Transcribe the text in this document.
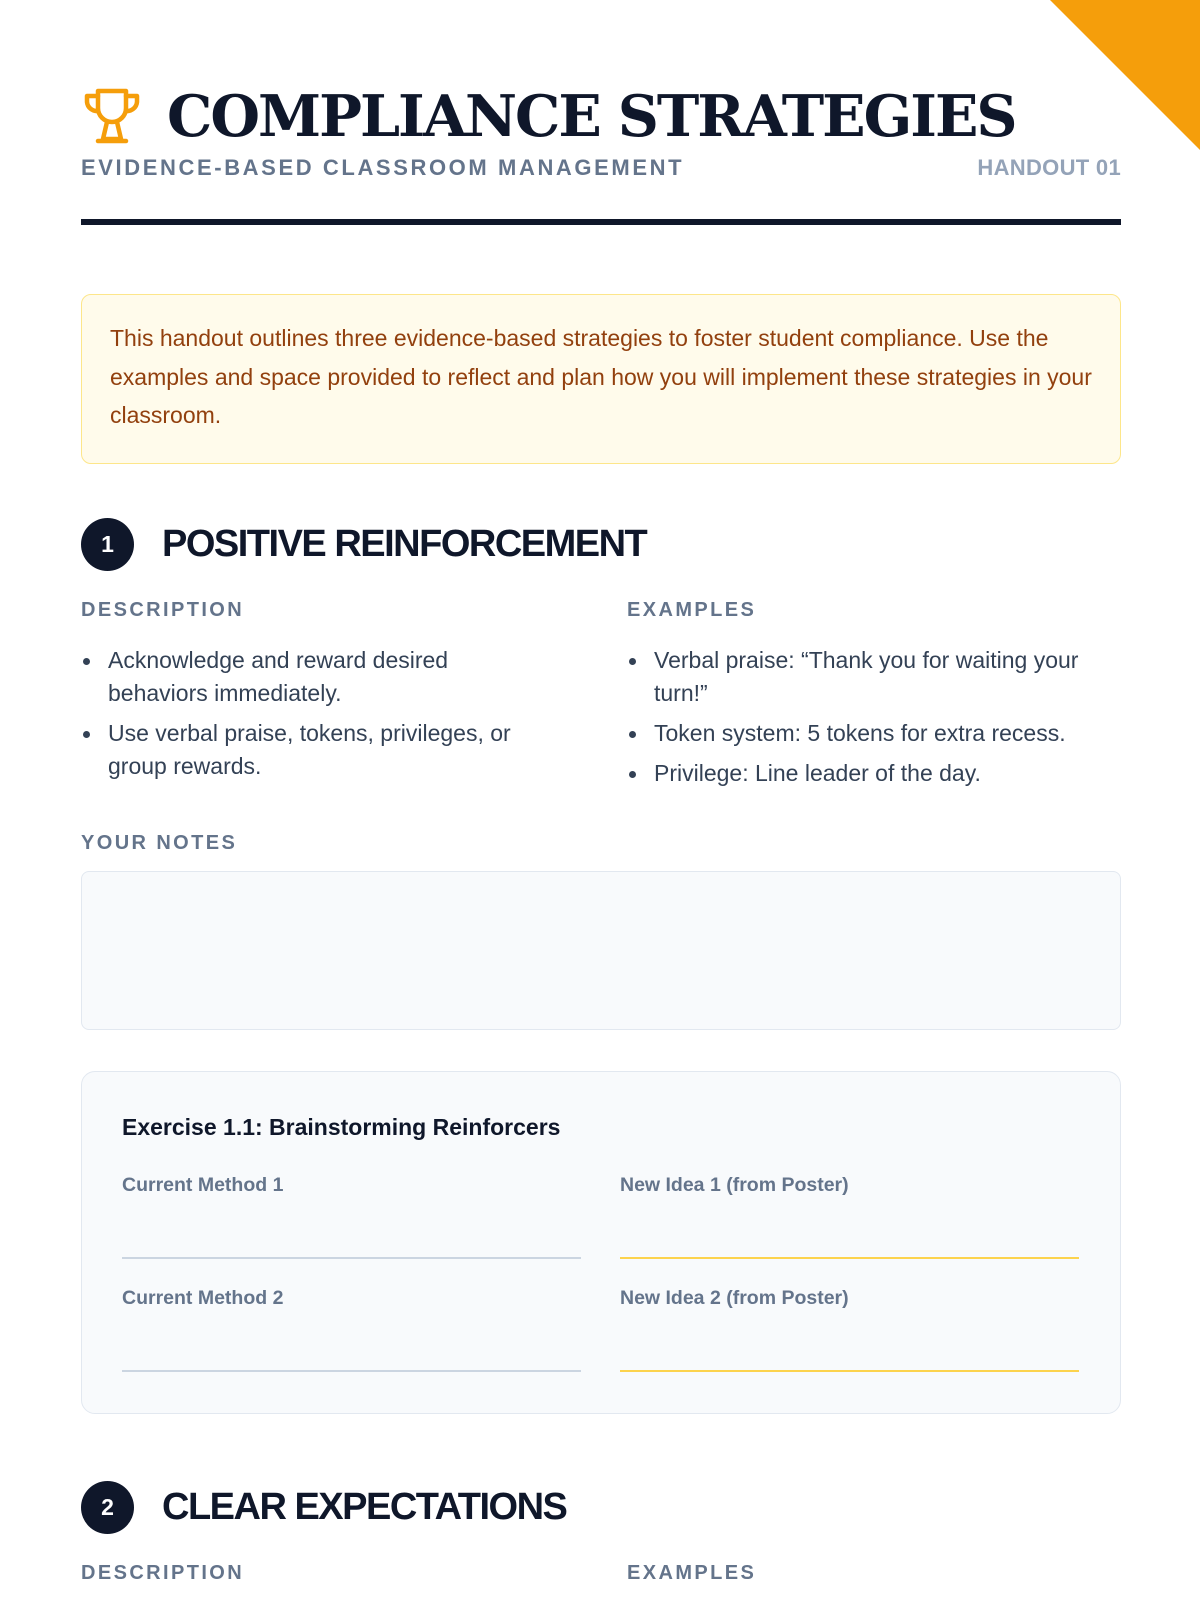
COMPLIANCE STRATEGIES
EVIDENCE-BASED CLASSROOM MANAGEMENT	HANDOUT 01
This handout outlines three evidence-based strategies to foster student compliance. Use the examples and space provided to reflect and plan how you will implement these strategies in your classroom.
1	POSITIVE REINFORCEMENT
DESCRIPTION	EXAMPLES
Acknowledge and reward desired behaviors immediately.
Use verbal praise, tokens, privileges, or group rewards.
Verbal praise: “Thank you for waiting your turn!”
Token system: 5 tokens for extra recess.
Privilege: Line leader of the day.
YOUR NOTES
Exercise 1.1: Brainstorming Reinforcers
Current Method 1	New Idea 1 (from Poster)
Current Method 2	New Idea 2 (from Poster)
2	CLEAR EXPECTATIONS
DESCRIPTION	EXAMPLES
